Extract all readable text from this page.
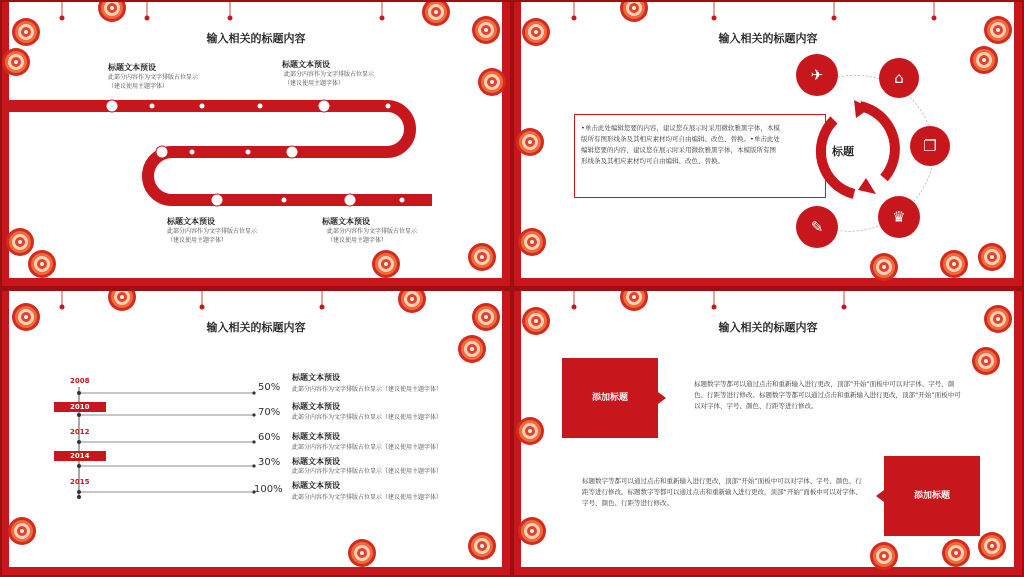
输入相关的标题内容
标题文本预设
此部分内容作为文字排版占位显示
（建议使用主题字体）
标题文本预设
此部分内容作为文字排版占位显示
（建议使用主题字体）
标题文本预设
此部分内容作为文字排版占位显示
（建议使用主题字体）
标题文本预设
此部分内容作为文字排版占位显示
（建议使用主题字体）
输入相关的标题内容
•单击此处编辑您要的内容，建议您在展示时采用微软雅黑字体，本模版所有图形线条及其相应素材均可自由编辑、改色、替换。•单击此处编辑您要的内容，建议您在展示时采用微软雅黑字体，本模版所有图形线条及其相应素材均可自由编辑、改色、替换。
标题
✈	⌂
❐
♛
✎
输入相关的标题内容
2008
2010
2012
2014
2015
50%
70%
60%
30%
100%
标题文本预设
此部分内容作为文字排版占位显示（建议使用主题字体）
标题文本预设
此部分内容作为文字排版占位显示（建议使用主题字体）
标题文本预设
此部分内容作为文字排版占位显示（建议使用主题字体）
标题文本预设
此部分内容作为文字排版占位显示（建议使用主题字体）
标题文本预设
此部分内容作为文字排版占位显示（建议使用主题字体）
输入相关的标题内容
添加标题
标题数字等都可以通过点击和重新输入进行更改，顶部“开始”面板中可以对字体、字号、颜色、行距等进行修改。标题数字等都可以通过点击和重新输入进行更改，顶部“开始”面板中可以对字体、字号、颜色、行距等进行修改。
添加标题
标题数字等都可以通过点击和重新输入进行更改，顶部“开始”面板中可以对字体、字号、颜色、行距等进行修改。标题数字等都可以通过点击和重新输入进行更改，顶部“开始”面板中可以对字体、字号、颜色、行距等进行修改。
